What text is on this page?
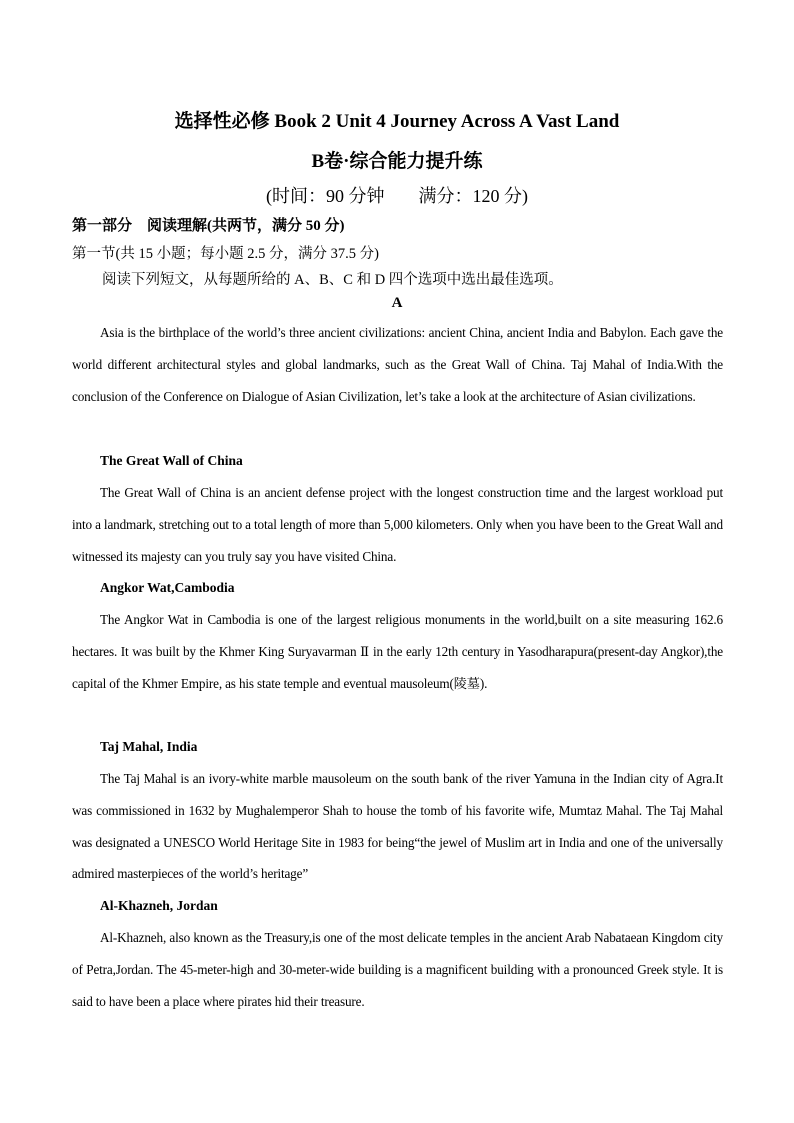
选择性必修 Book 2 Unit 4 Journey Across A Vast Land
B卷·综合能力提升练
(时间：90 分钟 满分：120 分)
第一部分　阅读理解(共两节，满分 50 分)
第一节(共 15 小题；每小题 2.5 分，满分 37.5 分)
阅读下列短文，从每题所给的 A、B、C 和 D 四个选项中选出最佳选项。
A

Asia is the birthplace of the world’s three ancient civilizations: ancient China, ancient India and Babylon. Each gave the world different architectural styles and global landmarks, such as the Great Wall of China. Taj Mahal of India.With the conclusion of the Conference on Dialogue of Asian Civilization, let’s take a look at the architecture of Asian civilizations.

The Great Wall of China

The Great Wall of China is an ancient defense project with the longest construction time and the largest workload put into a landmark, stretching out to a total length of more than 5,000 kilometers. Only when you have been to the Great Wall and witnessed its majesty can you truly say you have visited China.

Angkor Wat,Cambodia

The Angkor Wat in Cambodia is one of the largest religious monuments in the world,built on a site measuring 162.6 hectares. It was built by the Khmer King Suryavarman Ⅱ in the early 12th century in Yasodharapura(present-day Angkor),the capital of the Khmer Empire, as his state temple and eventual mausoleum(陵墓).

Taj Mahal, India

The Taj Mahal is an ivory-white marble mausoleum on the south bank of the river Yamuna in the Indian city of Agra.It was commissioned in 1632 by Mughalemperor Shah to house the tomb of his favorite wife, Mumtaz Mahal. The Taj Mahal was designated a UNESCO World Heritage Site in 1983 for being“the jewel of Muslim art in India and one of the universally admired masterpieces of the world’s heritage”

Al-Khazneh, Jordan

Al-Khazneh, also known as the Treasury,is one of the most delicate temples in the ancient Arab Nabataean Kingdom city of Petra,Jordan. The 45-meter-high and 30-meter-wide building is a magnificent building with a pronounced Greek style. It is said to have been a place where pirates hid their treasure.
